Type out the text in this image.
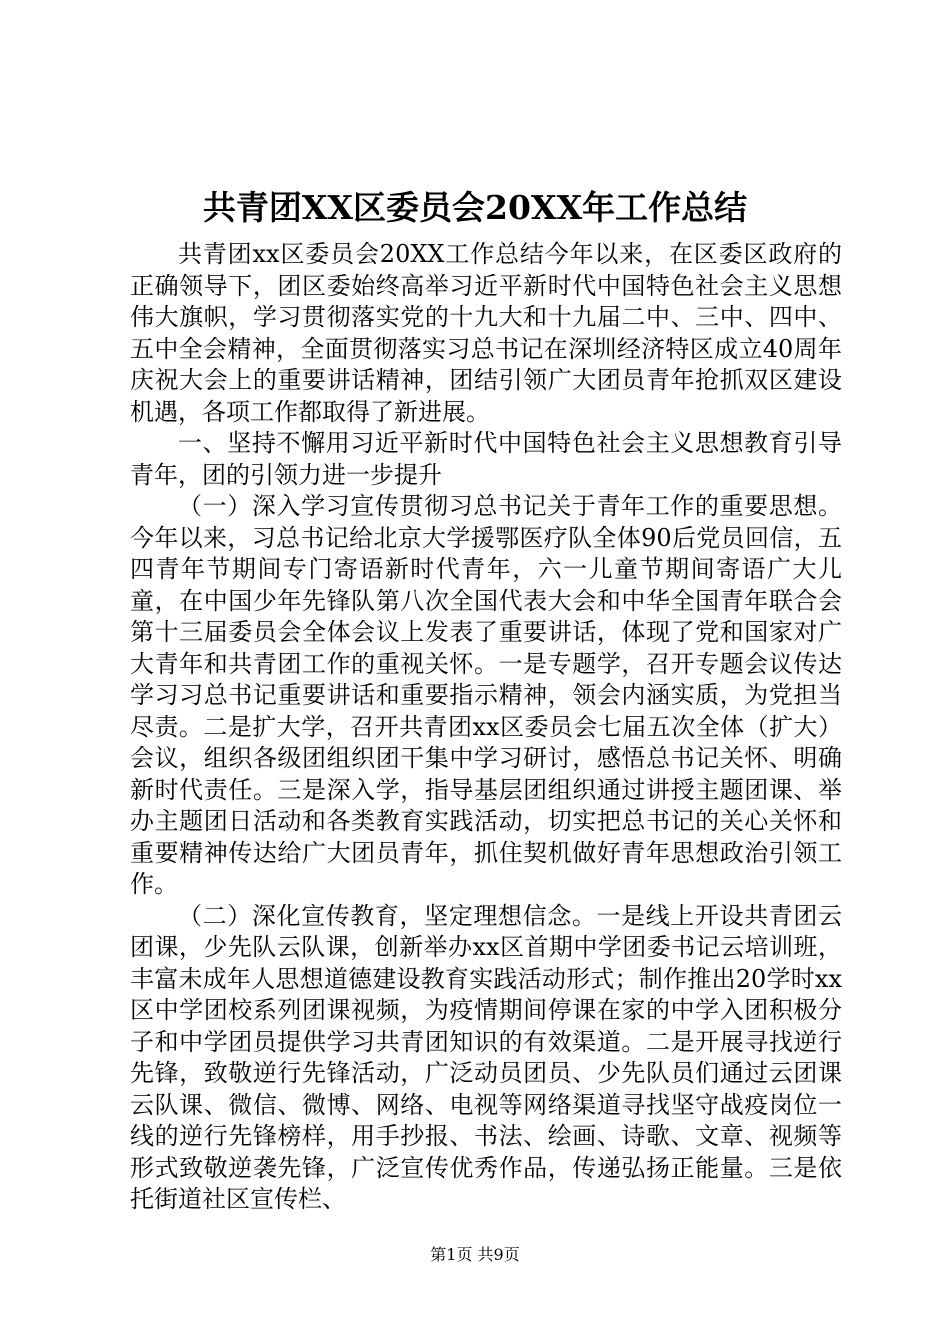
共青团XX区委员会20XX年工作总结

共青团xx区委员会20XX工作总结今年以来，在区委区政府的正确领导下，团区委始终高举习近平新时代中国特色社会主义思想伟大旗帜，学习贯彻落实党的十九大和十九届二中、三中、四中、五中全会精神，全面贯彻落实习总书记在深圳经济特区成立40周年庆祝大会上的重要讲话精神，团结引领广大团员青年抢抓双区建设机遇，各项工作都取得了新进展。

一、坚持不懈用习近平新时代中国特色社会主义思想教育引导青年，团的引领力进一步提升

（一）深入学习宣传贯彻习总书记关于青年工作的重要思想。今年以来，习总书记给北京大学援鄂医疗队全体90后党员回信，五四青年节期间专门寄语新时代青年，六一儿童节期间寄语广大儿童，在中国少年先锋队第八次全国代表大会和中华全国青年联合会第十三届委员会全体会议上发表了重要讲话，体现了党和国家对广大青年和共青团工作的重视关怀。一是专题学，召开专题会议传达学习习总书记重要讲话和重要指示精神，领会内涵实质，为党担当尽责。二是扩大学，召开共青团xx区委员会七届五次全体（扩大）会议，组织各级团组织团干集中学习研讨，感悟总书记关怀、明确新时代责任。三是深入学，指导基层团组织通过讲授主题团课、举办主题团日活动和各类教育实践活动，切实把总书记的关心关怀和重要精神传达给广大团员青年，抓住契机做好青年思想政治引领工作。

（二）深化宣传教育，坚定理想信念。一是线上开设共青团云团课，少先队云队课，创新举办xx区首期中学团委书记云培训班，丰富未成年人思想道德建设教育实践活动形式；制作推出20学时xx区中学团校系列团课视频，为疫情期间停课在家的中学入团积极分子和中学团员提供学习共青团知识的有效渠道。二是开展寻找逆行先锋，致敬逆行先锋活动，广泛动员团员、少先队员们通过云团课云队课、微信、微博、网络、电视等网络渠道寻找坚守战疫岗位一线的逆行先锋榜样，用手抄报、书法、绘画、诗歌、文章、视频等形式致敬逆袭先锋，广泛宣传优秀作品，传递弘扬正能量。三是依托街道社区宣传栏、

第1页 共9页
